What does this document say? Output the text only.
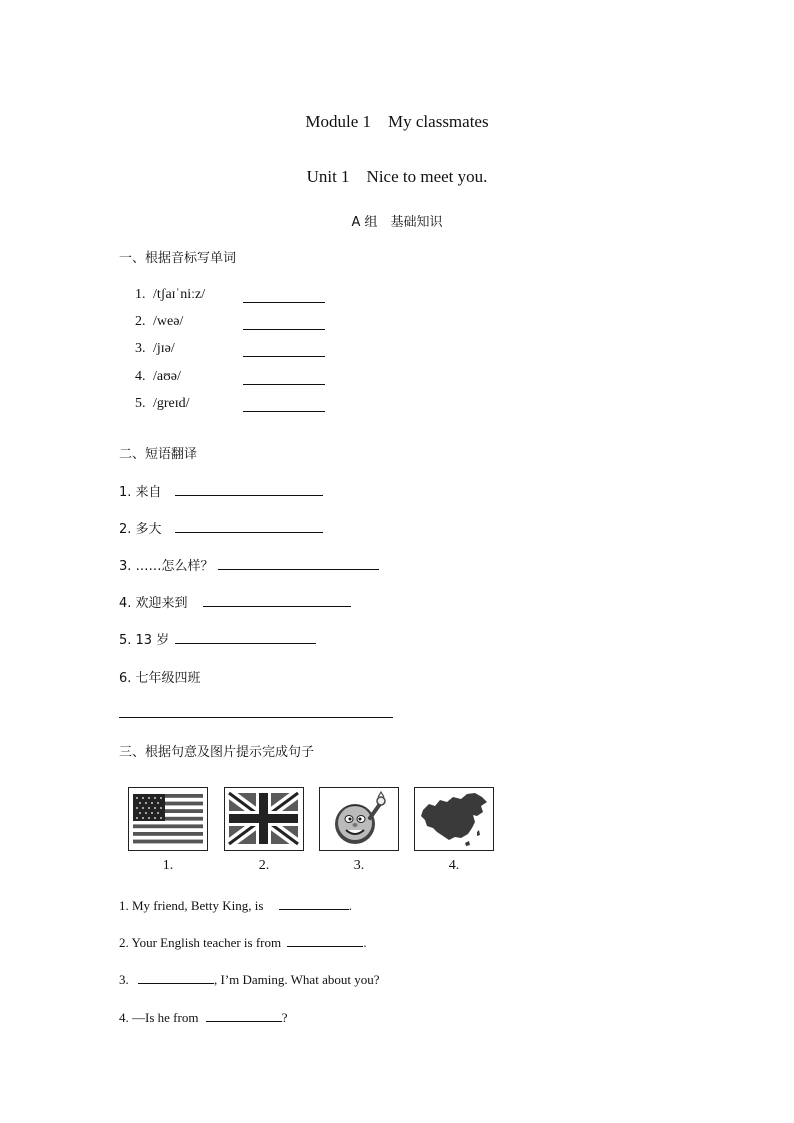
Module 1　My classmates
Unit 1　Nice to meet you.
A 组　基础知识
一、根据音标写单词
1. /tʃaɪˈniːz/
2. /weə/
3. /jɪə/
4. /aʊə/
5. /greɪd/
二、短语翻译
1. 来自
2. 多大
3. ……怎么样？
4. 欢迎来到
5. 13 岁
6. 七年级四班
三、根据句意及图片提示完成句子
1.	2.	3.	4.
1. My friend, Betty King, is	.
2. Your English teacher is from	.
3.	, I’m Daming. What about you?
4. —Is he from	?
